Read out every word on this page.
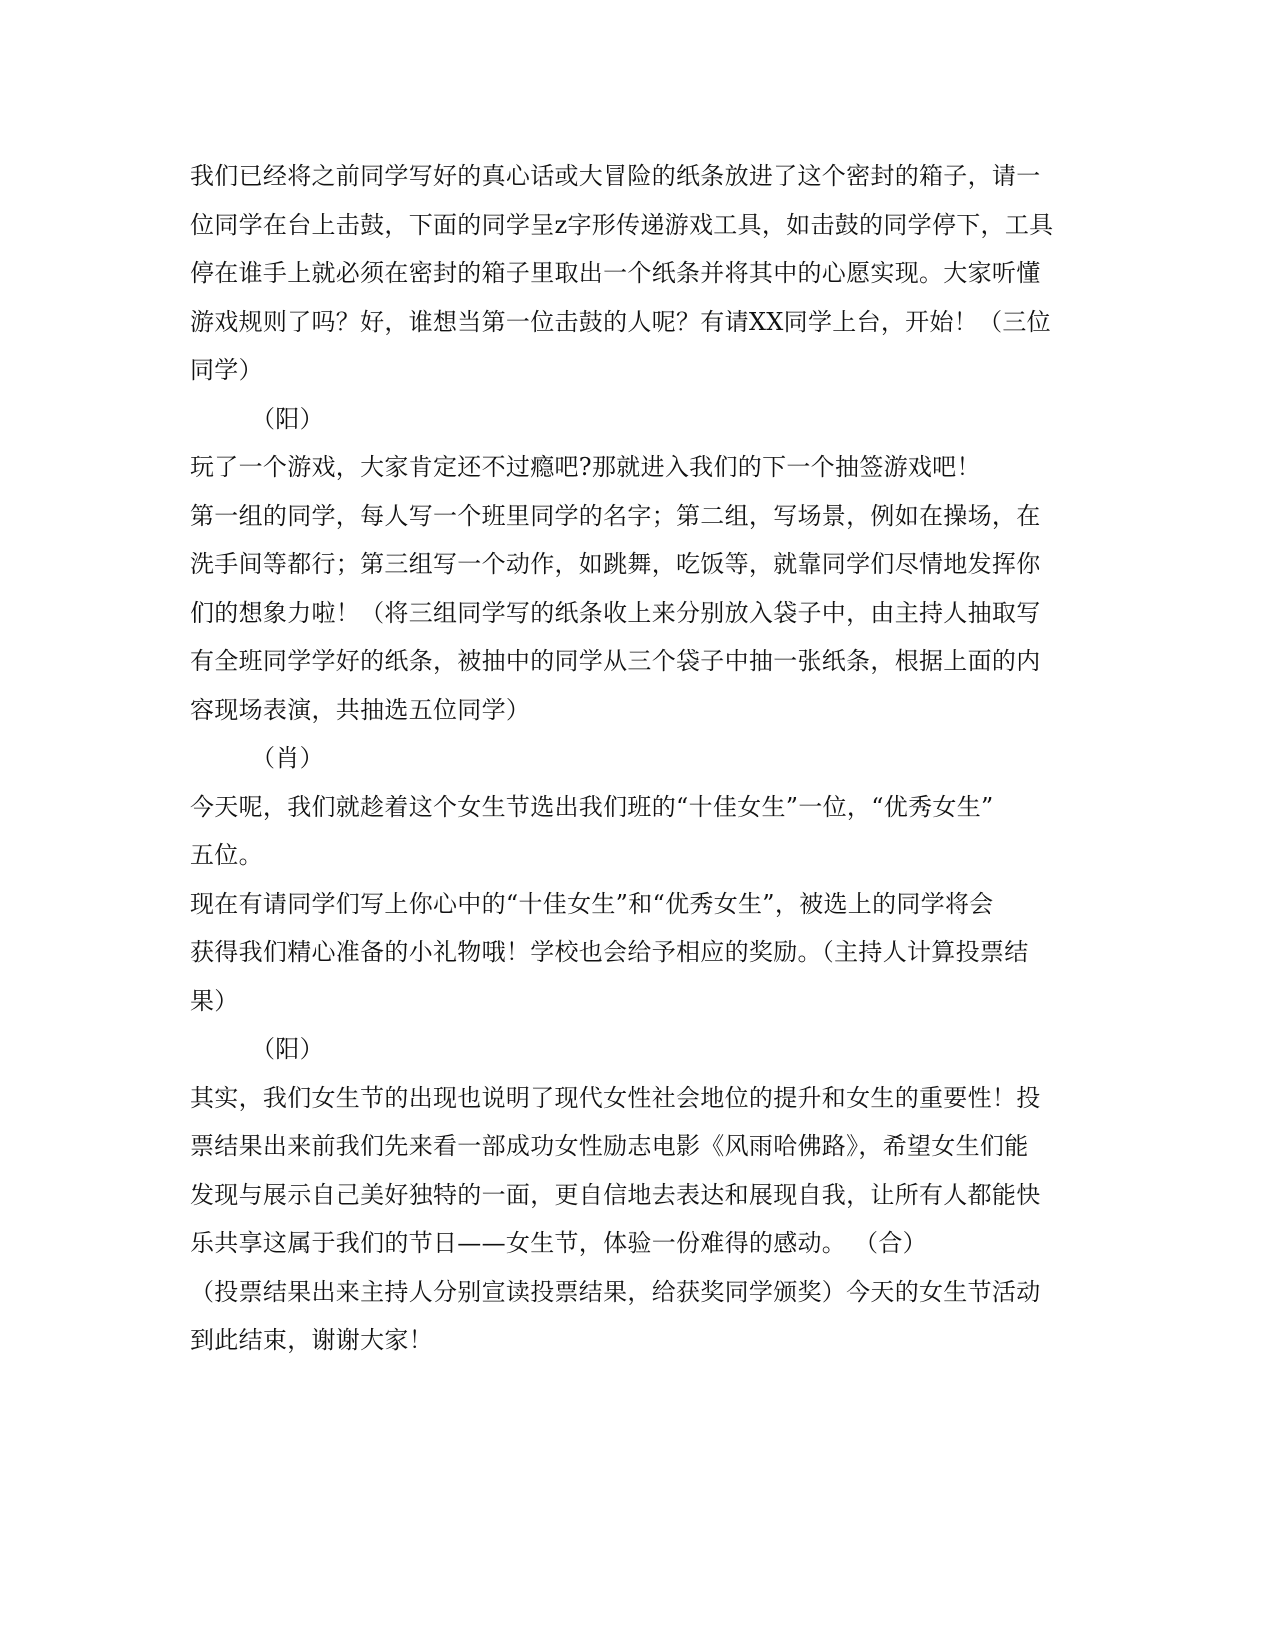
我们已经将之前同学写好的真心话或大冒险的纸条放进了这个密封的箱子，请一
位同学在台上击鼓，下面的同学呈z字形传递游戏工具，如击鼓的同学停下，工具
停在谁手上就必须在密封的箱子里取出一个纸条并将其中的心愿实现。大家听懂
游戏规则了吗？好，谁想当第一位击鼓的人呢？有请XX同学上台，开始！（三位
同学）
（阳）
玩了一个游戏，大家肯定还不过瘾吧?那就进入我们的下一个抽签游戏吧！
第一组的同学，每人写一个班里同学的名字；第二组，写场景，例如在操场，在
洗手间等都行；第三组写一个动作，如跳舞，吃饭等，就靠同学们尽情地发挥你
们的想象力啦！（将三组同学写的纸条收上来分别放入袋子中，由主持人抽取写
有全班同学学好的纸条，被抽中的同学从三个袋子中抽一张纸条，根据上面的内
容现场表演，共抽选五位同学）
（肖）
今天呢，我们就趁着这个女生节选出我们班的“十佳女生”一位，“优秀女生”
五位。
现在有请同学们写上你心中的“十佳女生”和“优秀女生”，被选上的同学将会
获得我们精心准备的小礼物哦！学校也会给予相应的奖励。（主持人计算投票结
果）
（阳）
其实，我们女生节的出现也说明了现代女性社会地位的提升和女生的重要性！投
票结果出来前我们先来看一部成功女性励志电影《风雨哈佛路》，希望女生们能
发现与展示自己美好独特的一面，更自信地去表达和展现自我，让所有人都能快
乐共享这属于我们的节日——女生节，体验一份难得的感动。 （合）
（投票结果出来主持人分别宣读投票结果，给获奖同学颁奖）今天的女生节活动
到此结束，谢谢大家！
